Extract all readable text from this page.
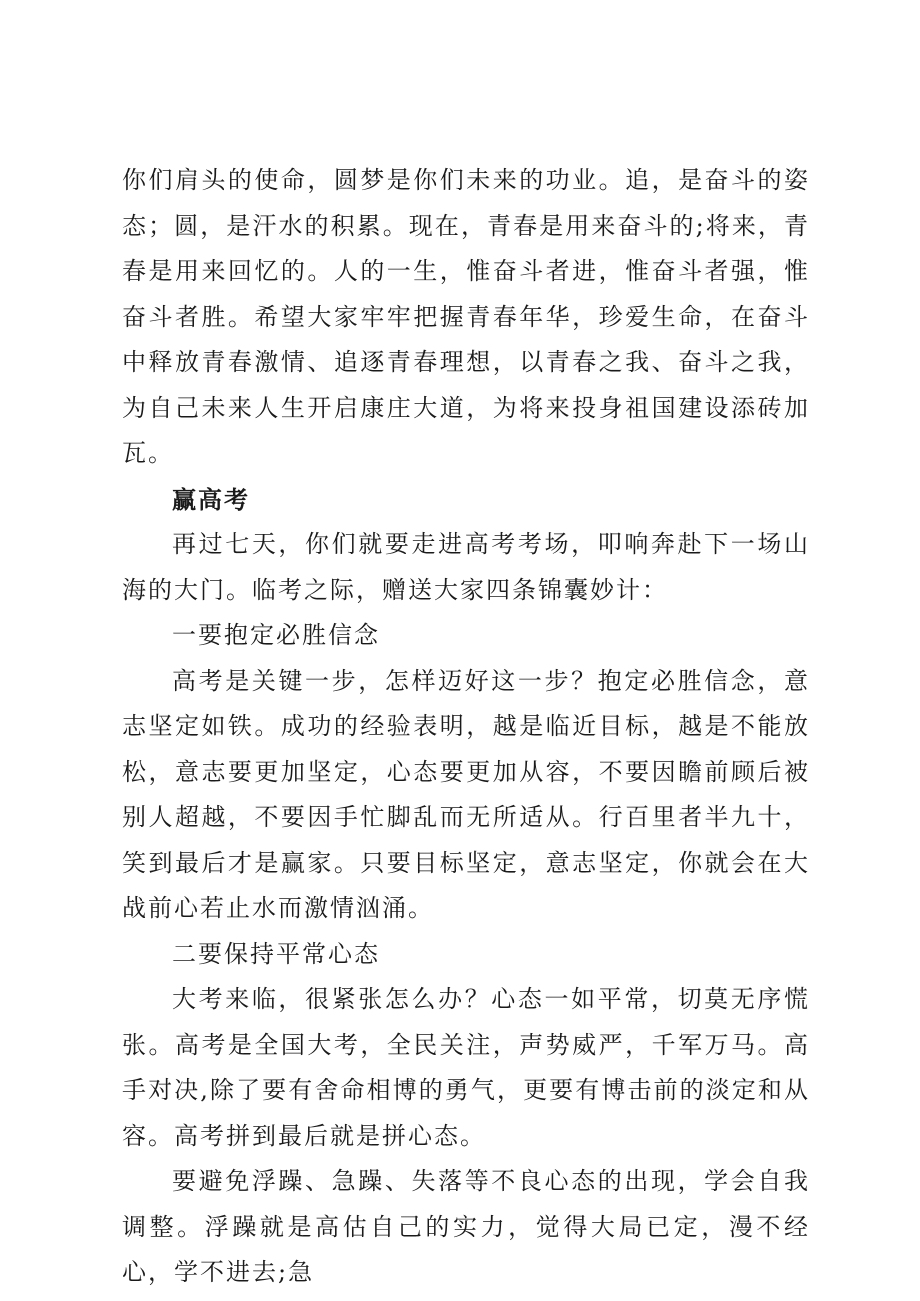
你们肩头的使命，圆梦是你们未来的功业。追，是奋斗的姿态；圆，是汗水的积累。现在，青春是用来奋斗的;将来，青春是用来回忆的。人的一生，惟奋斗者进，惟奋斗者强，惟奋斗者胜。希望大家牢牢把握青春年华，珍爱生命，在奋斗中释放青春激情、追逐青春理想，以青春之我、奋斗之我，为自己未来人生开启康庄大道，为将来投身祖国建设添砖加瓦。

赢高考

再过七天，你们就要走进高考考场，叩响奔赴下一场山海的大门。临考之际，赠送大家四条锦囊妙计：

一要抱定必胜信念

高考是关键一步，怎样迈好这一步？抱定必胜信念，意志坚定如铁。成功的经验表明，越是临近目标，越是不能放松，意志要更加坚定，心态要更加从容，不要因瞻前顾后被别人超越，不要因手忙脚乱而无所适从。行百里者半九十，笑到最后才是赢家。只要目标坚定，意志坚定，你就会在大战前心若止水而激情汹涌。

二要保持平常心态

大考来临，很紧张怎么办？心态一如平常，切莫无序慌张。高考是全国大考，全民关注，声势威严，千军万马。高手对决,除了要有舍命相博的勇气，更要有博击前的淡定和从容。高考拼到最后就是拼心态。

要避免浮躁、急躁、失落等不良心态的出现，学会自我调整。浮躁就是高估自己的实力，觉得大局已定，漫不经心，学不进去;急
